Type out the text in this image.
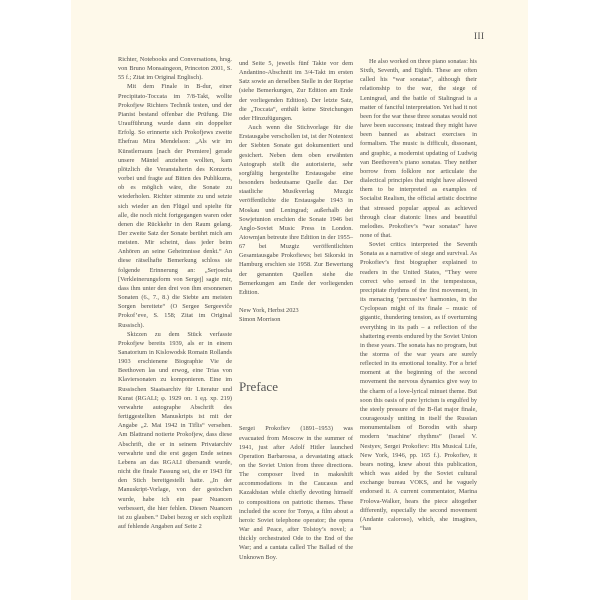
III

Richter, Notebooks and Conversations, hrsg. von Bruno Monsaingeon, Princeton 2001, S. 55 f.; Zitat im Original Englisch).

Mit dem Finale in B-dur, einer Precipitato-Toccata im 7/8-Takt, wollte Prokofjew Richters Technik testen, und der Pianist bestand offenbar die Prüfung. Die Uraufführung wurde dann ein doppelter Erfolg. So erinnerte sich Prokofjews zweite Ehefrau Mira Mendelson: „Als wir im Künstlerraum [nach der Premiere] gerade unsere Mäntel anziehen wollten, kam plötzlich die Veranstalterin des Konzerts vorbei und fragte auf Bitten des Publikums, ob es möglich wäre, die Sonate zu wiederholen. Richter stimmte zu und setzte sich wieder an den Flügel und spielte für alle, die noch nicht fortgegangen waren oder denen die Rückkehr in den Raum gelang. Der zweite Satz der Sonate berührt mich am meisten. Mir scheint, dass jeder beim Anhören an seine Geheimnisse denkt.“ An diese rätselhafte Bemerkung schloss sie folgende Erinnerung an: „Serjoscha [Verkleinerungsform von Sergej] sagte mir, dass ihm unter den drei von ihm ersonnenen Sonaten (6., 7., 8.) die Siebte am meisten Sorgen bereitete“ (O Sergee Sergeeviče Prokof’eve, S. 158; Zitat im Original Russisch).

Skizzen zu dem Stück verfasste Prokofjew bereits 1939, als er in einem Sanatorium in Kislowodsk Romain Rollands 1903 erschienene Biographie Vie de Beethoven las und erwog, eine Trias von Klaviersonaten zu komponieren. Eine im Russischen Staatsarchiv für Literatur und Kunst (RGALI; φ. 1929 оп. 1 ед. хр. 219) verwahrte autographe Abschrift des fertiggestellten Manuskripts ist mit der Angabe „2. Mai 1942 in Tiflis“ versehen. Am Blattrand notierte Prokofjew, dass diese Abschrift, die er in seinem Privatarchiv verwahrte und die erst gegen Ende seines Lebens an das RGALI übersandt wurde, nicht die finale Fassung sei, die er 1943 für den Stich bereitgestellt hatte. „In der Manuskript-Vorlage, von der gestochen wurde, habe ich ein paar Nuancen verbessert, die hier fehlen. Diesen Nuancen ist zu glauben.“ Dabei bezog er sich explizit auf fehlende Angaben auf Seite 2

und Seite 5, jeweils fünf Takte vor dem Andantino-Abschnitt im 3/4-Takt im ersten Satz sowie an derselben Stelle in der Reprise (siehe Bemerkungen, Zur Edition am Ende der vorliegenden Edition). Der letzte Satz, die „Toccata“, enthält keine Streichungen oder Hinzufügungen.

Auch wenn die Stichvorlage für die Erstausgabe verschollen ist, ist der Notentext der Siebten Sonate gut dokumentiert und gesichert. Neben dem oben erwähnten Autograph stellt die autorisierte, sehr sorgfältig hergestellte Erstausgabe eine besonders bedeutsame Quelle dar. Der staatliche Musikverlag Muzgiz veröffentlichte die Erstausgabe 1943 in Moskau und Leningrad; außerhalb der Sowjetunion erschien die Sonate 1946 bei Anglo-Soviet Music Press in London. Atowmjan betreute ihre Edition in der 1955–67 bei Muzgiz veröffentlichten Gesamtausgabe Prokofiews; bei Sikorski in Hamburg erschien sie 1958. Zur Bewertung der genannten Quellen siehe die Bemerkungen am Ende der vorliegenden Edition.

New York, Herbst 2023

Simon Morrison

Preface

Sergei Prokofiev (1891–1953) was evacuated from Moscow in the summer of 1941, just after Adolf Hitler launched Operation Barbarossa, a devastating attack on the Soviet Union from three directions. The composer lived in makeshift accommodations in the Caucasus and Kazakhstan while chiefly devoting himself to compositions on patriotic themes. These included the score for Tonya, a film about a heroic Soviet telephone operator; the opera War and Peace, after Tolstoy’s novel; a thickly orchestrated Ode to the End of the War; and a cantata called The Ballad of the Unknown Boy.

He also worked on three piano sonatas: his Sixth, Seventh, and Eighth. These are often called his “war sonatas”, although their relationship to the war, the siege of Leningrad, and the battle of Stalingrad is a matter of fanciful interpretation. Yet had it not been for the war these three sonatas would not have been successes; instead they might have been banned as abstract exercises in formalism. The music is difficult, dissonant, and graphic, a modernist updating of Ludwig van Beethoven’s piano sonatas. They neither borrow from folklore nor articulate the dialectical principles that might have allowed them to be interpreted as examples of Socialist Realism, the official artistic doctrine that stressed popular appeal as achieved through clear diatonic lines and beautiful melodies. Prokofiev’s “war sonatas” have none of that.

Soviet critics interpreted the Seventh Sonata as a narrative of siege and survival. As Prokofiev’s first biographer explained to readers in the United States, “They were correct who sensed in the tempestuous, precipitate rhythms of the first movement, in its menacing ‘percussive’ harmonies, in the Cyclopean might of its finale – music of gigantic, thundering tension, as if overturning everything in its path – a reflection of the shattering events endured by the Soviet Union in these years. The sonata has no program, but the storms of the war years are surely reflected in its emotional tonality. For a brief moment at the beginning of the second movement the nervous dynamics give way to the charm of a love-lyrical minuet theme. But soon this oasis of pure lyricism is engulfed by the steely pressure of the B-flat major finale, courageously uniting in itself the Russian monumentalism of Borodin with sharp modern ‘machine’ rhythms” (Israel V. Nestyev, Sergei Prokofiev: His Musical Life, New York, 1946, pp. 165 f.). Prokofiev, it bears noting, knew about this publication, which was aided by the Soviet cultural exchange bureau VOKS, and he vaguely endorsed it. A current commentator, Marina Frolova-Walker, hears the piece altogether differently, especially the second movement (Andante caloroso), which, she imagines, “has
